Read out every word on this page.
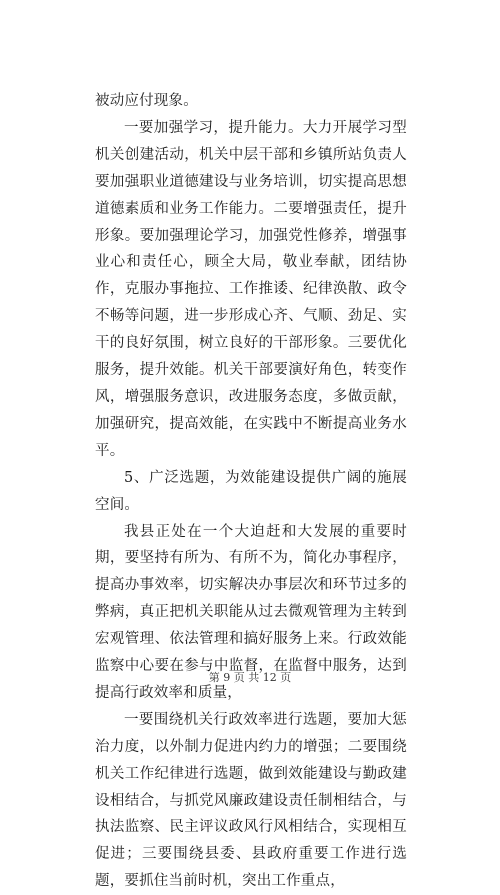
被动应付现象。

一要加强学习，提升能力。大力开展学习型机关创建活动，机关中层干部和乡镇所站负责人要加强职业道德建设与业务培训，切实提高思想道德素质和业务工作能力。二要增强责任，提升形象。要加强理论学习，加强党性修养，增强事业心和责任心，顾全大局，敬业奉献，团结协作，克服办事拖拉、工作推诿、纪律涣散、政令不畅等问题，进一步形成心齐、气顺、劲足、实干的良好氛围，树立良好的干部形象。三要优化服务，提升效能。机关干部要演好角色，转变作风，增强服务意识，改进服务态度，多做贡献，加强研究，提高效能，在实践中不断提高业务水平。

5、广泛选题，为效能建设提供广阔的施展空间。

我县正处在一个大迫赶和大发展的重要时期，要坚持有所为、有所不为，简化办事程序，提高办事效率，切实解决办事层次和环节过多的弊病，真正把机关职能从过去微观管理为主转到宏观管理、依法管理和搞好服务上来。行政效能监察中心要在参与中监督，在监督中服务，达到提高行政效率和质量，

一要围绕机关行政效率进行选题，要加大惩治力度，以外制力促进内约力的增强；二要围绕机关工作纪律进行选题，做到效能建设与勤政建设相结合，与抓党风廉政建设责任制相结合，与执法监察、民主评议政风行风相结合，实现相互促进；三要围绕县委、县政府重要工作进行选题，要抓住当前时机，突出工作重点，

第 9 页 共 12 页
